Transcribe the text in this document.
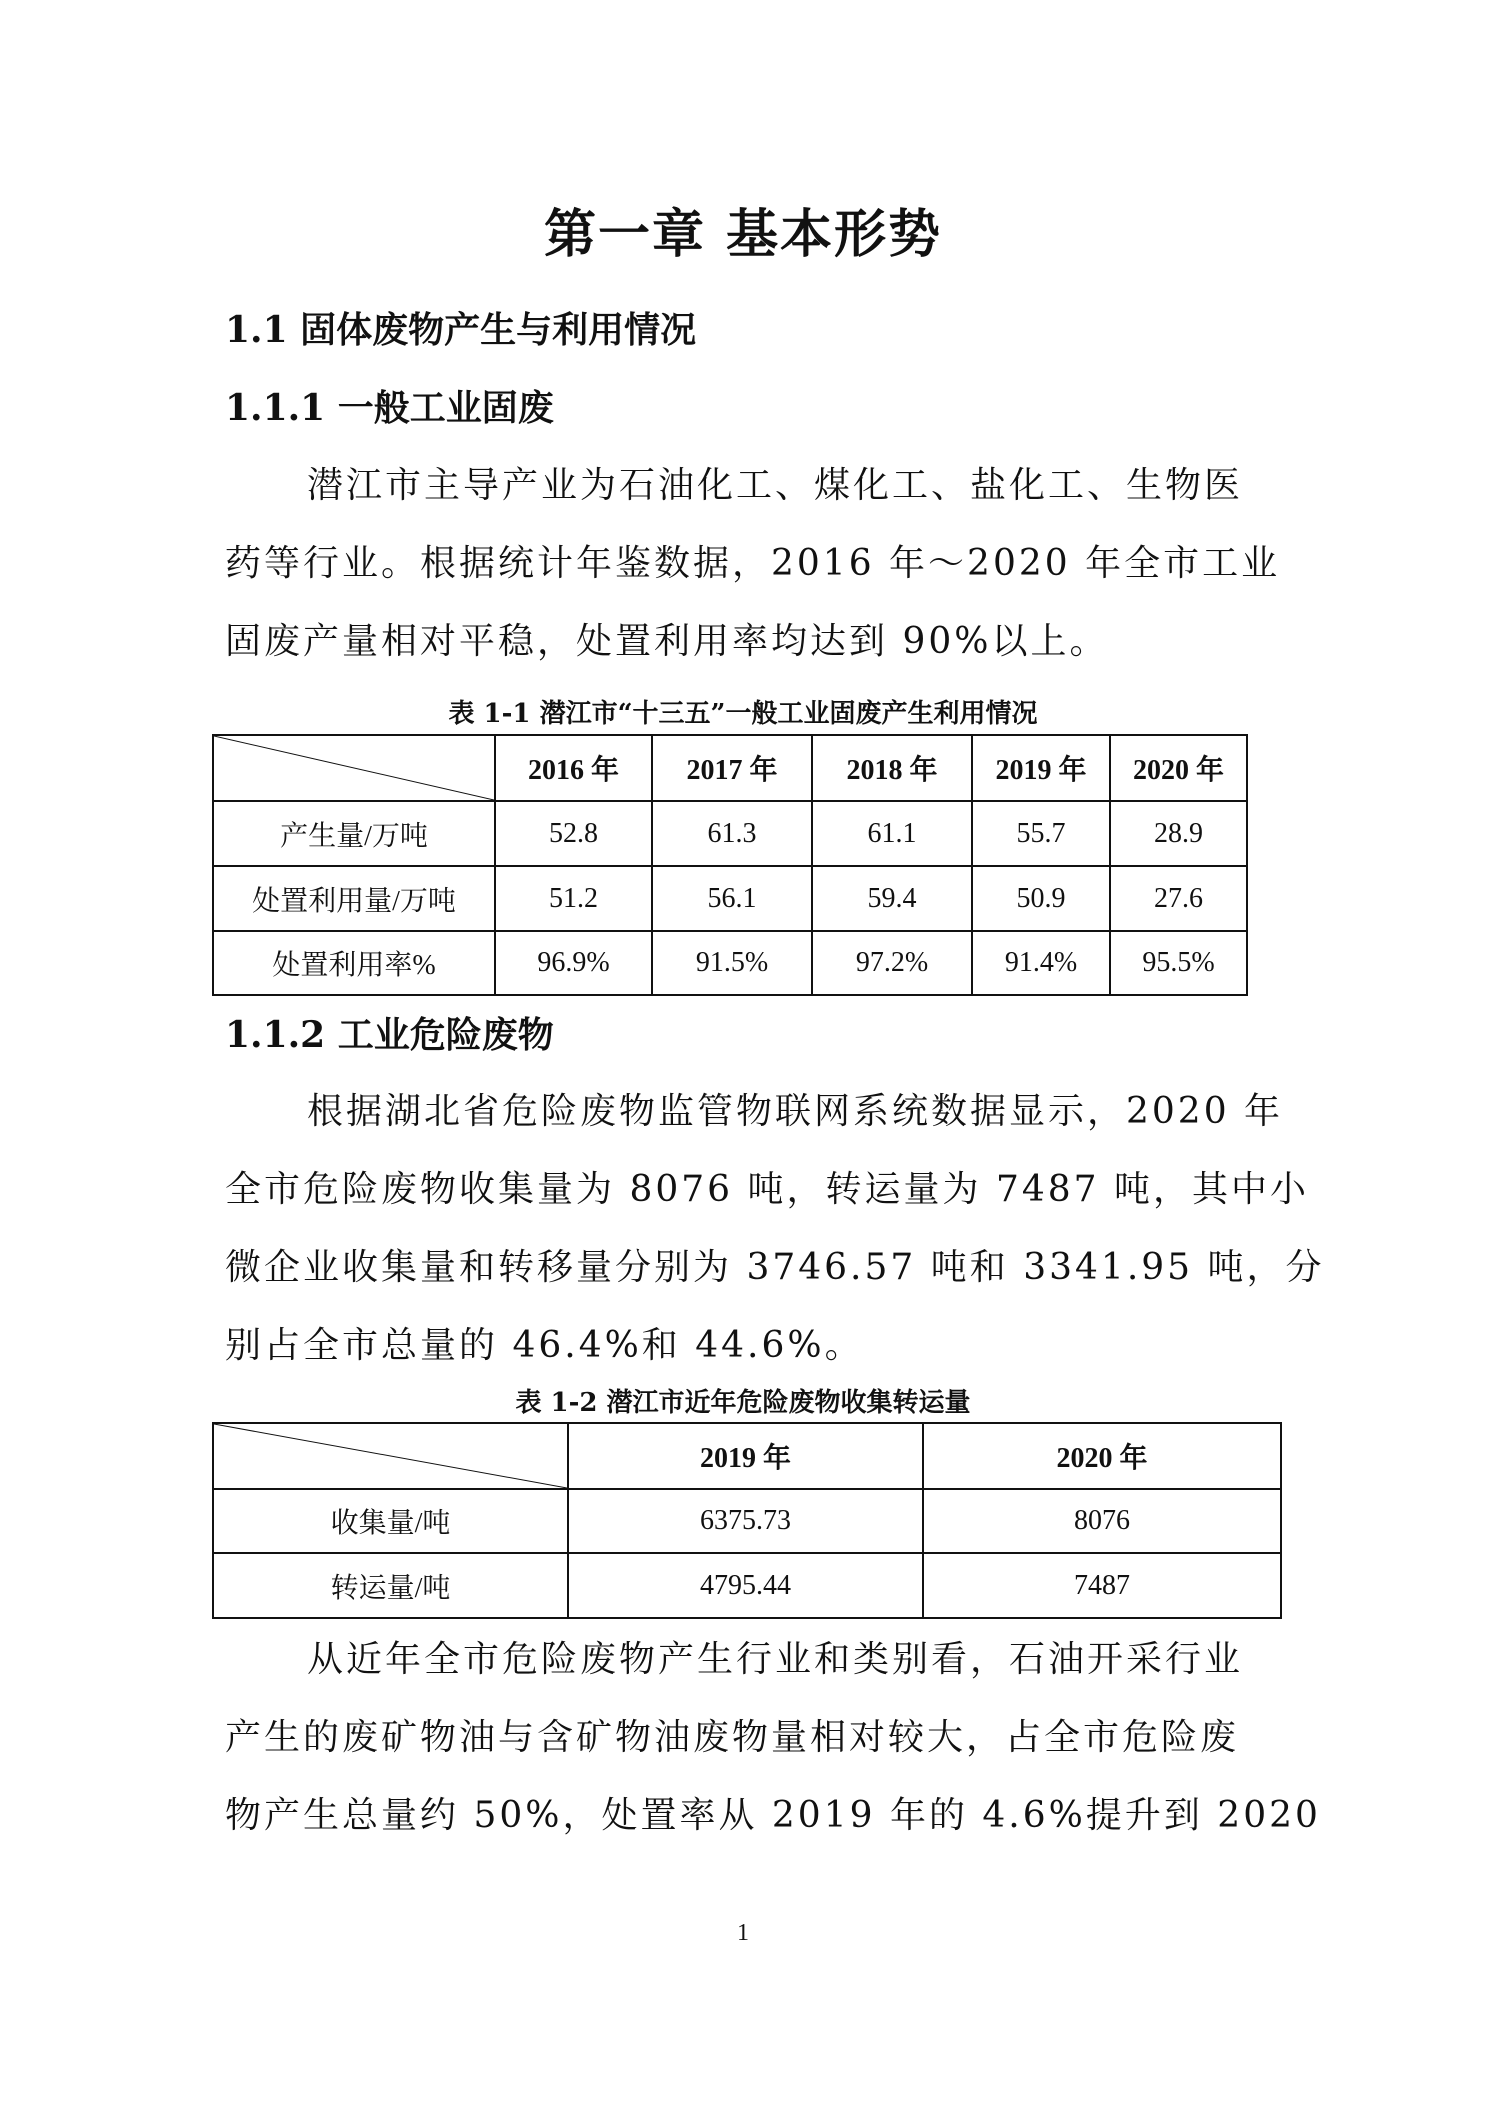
第一章 基本形势
1.1 固体废物产生与利用情况
1.1.1 一般工业固废
潜江市主导产业为石油化工、煤化工、盐化工、生物医
药等行业。根据统计年鉴数据，2016 年～2020 年全市工业
固废产量相对平稳，处置利用率均达到 90%以上。
表 1-1 潜江市“十三五”一般工业固废产生利用情况
	2016 年	2017 年	2018 年	2019 年	2020 年
产生量/万吨	52.8	61.3	61.1	55.7	28.9
处置利用量/万吨	51.2	56.1	59.4	50.9	27.6
处置利用率%	96.9%	91.5%	97.2%	91.4%	95.5%
1.1.2 工业危险废物
根据湖北省危险废物监管物联网系统数据显示，2020 年
全市危险废物收集量为 8076 吨，转运量为 7487 吨，其中小
微企业收集量和转移量分别为 3746.57 吨和 3341.95 吨，分
别占全市总量的 46.4%和 44.6%。
表 1-2 潜江市近年危险废物收集转运量
	2019 年	2020 年
收集量/吨	6375.73	8076
转运量/吨	4795.44	7487
从近年全市危险废物产生行业和类别看，石油开采行业
产生的废矿物油与含矿物油废物量相对较大，占全市危险废
物产生总量约 50%，处置率从 2019 年的 4.6%提升到 2020
1
